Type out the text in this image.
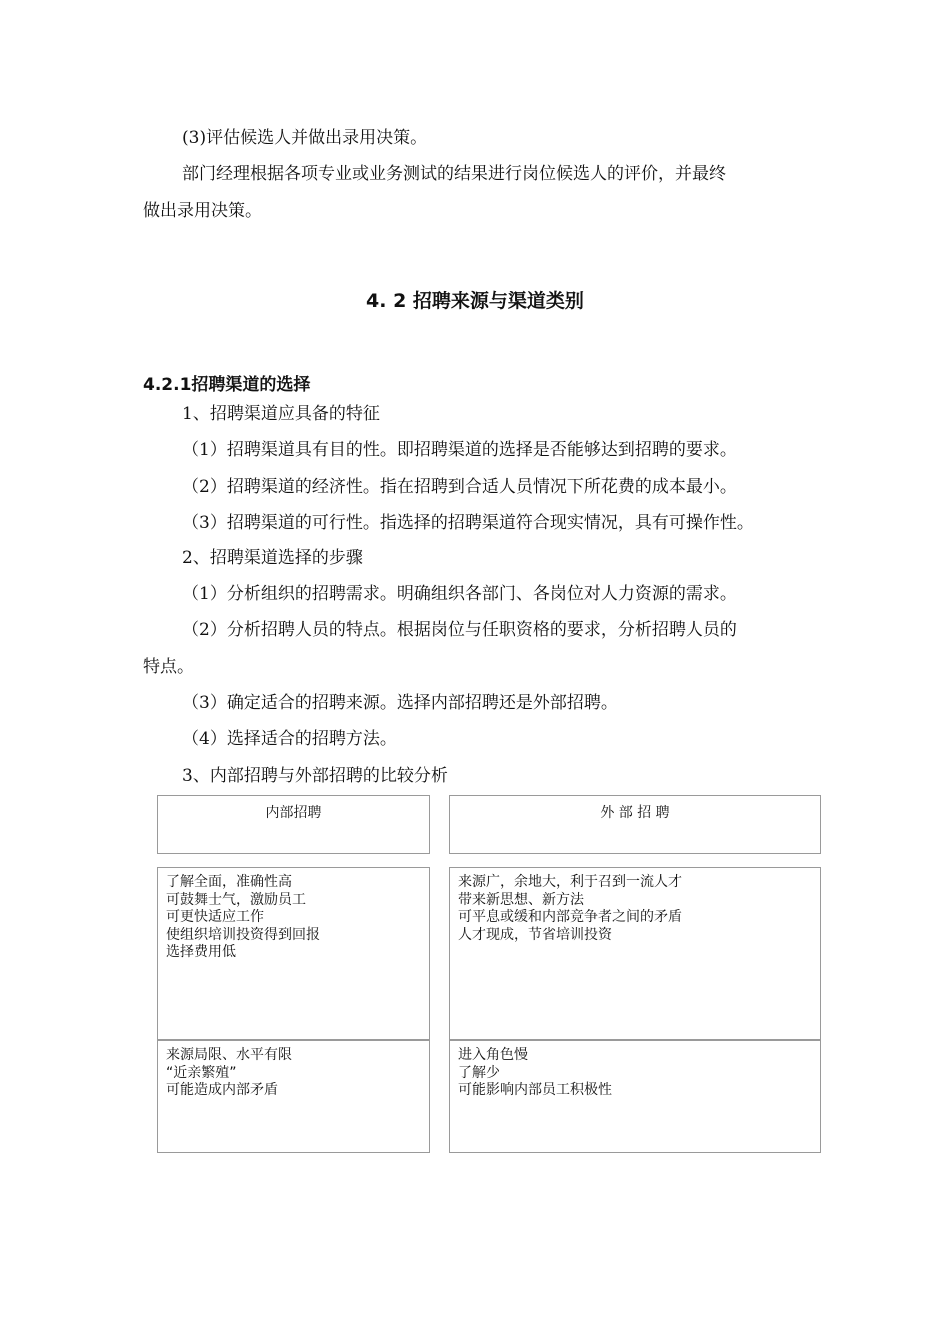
(3)评估候选人并做出录用决策。
部门经理根据各项专业或业务测试的结果进行岗位候选人的评价，并最终
做出录用决策。
4. 2 招聘来源与渠道类别
4.2.1招聘渠道的选择
1、招聘渠道应具备的特征
（1）招聘渠道具有目的性。即招聘渠道的选择是否能够达到招聘的要求。
（2）招聘渠道的经济性。指在招聘到合适人员情况下所花费的成本最小。
（3）招聘渠道的可行性。指选择的招聘渠道符合现实情况，具有可操作性。
2、招聘渠道选择的步骤
（1）分析组织的招聘需求。明确组织各部门、各岗位对人力资源的需求。
（2）分析招聘人员的特点。根据岗位与任职资格的要求，分析招聘人员的
特点。
（3）确定适合的招聘来源。选择内部招聘还是外部招聘。
（4）选择适合的招聘方法。
3、内部招聘与外部招聘的比较分析
内部招聘	外 部 招 聘
了解全面，准确性高
可鼓舞士气，激励员工
可更快适应工作
使组织培训投资得到回报
选择费用低
来源广，余地大，利于召到一流人才
带来新思想、新方法
可平息或缓和内部竞争者之间的矛盾
人才现成，节省培训投资
来源局限、水平有限
“近亲繁殖”
可能造成内部矛盾
进入角色慢
了解少
可能影响内部员工积极性
